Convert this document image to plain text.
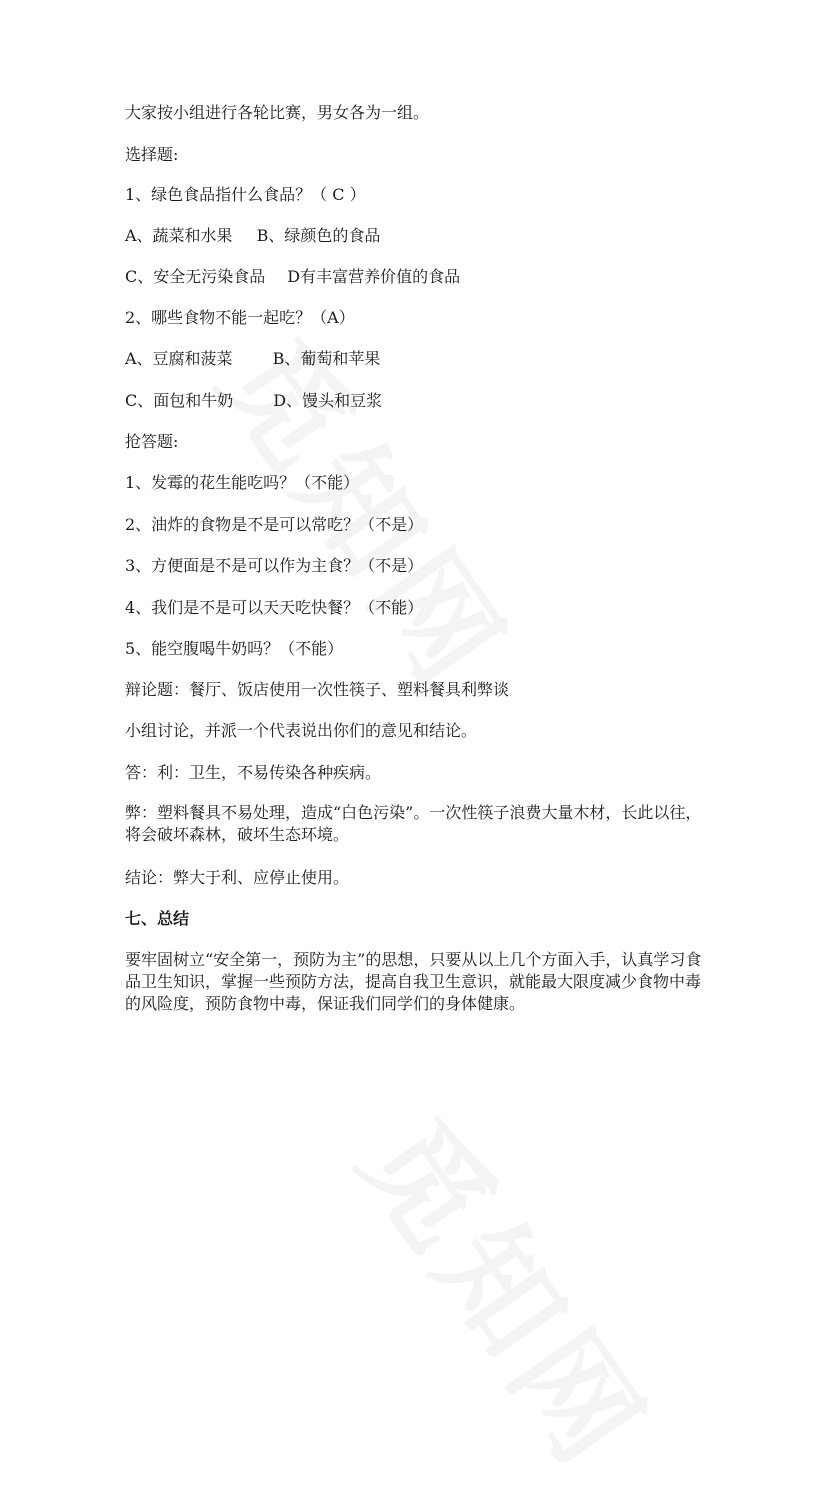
大家按小组进行各轮比赛，男女各为一组。

选择题:

1、绿色食品指什么食品？（ C ）

A、蔬菜和水果 B、绿颜色的食品

C、安全无污染食品 D有丰富营养价值的食品

2、哪些食物不能一起吃？（A）

A、豆腐和菠菜	B、葡萄和苹果

C、面包和牛奶	D、馒头和豆浆

抢答题:

1、发霉的花生能吃吗？（不能）

2、油炸的食物是不是可以常吃？（不是）

3、方便面是不是可以作为主食？（不是）

4、我们是不是可以天天吃快餐？（不能）

5、能空腹喝牛奶吗？（不能）

辩论题：餐厅、饭店使用一次性筷子、塑料餐具利弊谈

小组讨论，并派一个代表说出你们的意见和结论。

答：利：卫生，不易传染各种疾病。

弊：塑料餐具不易处理，造成“白色污染”。一次性筷子浪费大量木材，长此以往，将会破坏森林，破坏生态环境。

结论：弊大于利、应停止使用。

七、总结

要牢固树立“安全第一，预防为主”的思想，只要从以上几个方面入手，认真学习食品卫生知识，掌握一些预防方法，提高自我卫生意识，就能最大限度减少食物中毒的风险度，预防食物中毒，保证我们同学们的身体健康。
